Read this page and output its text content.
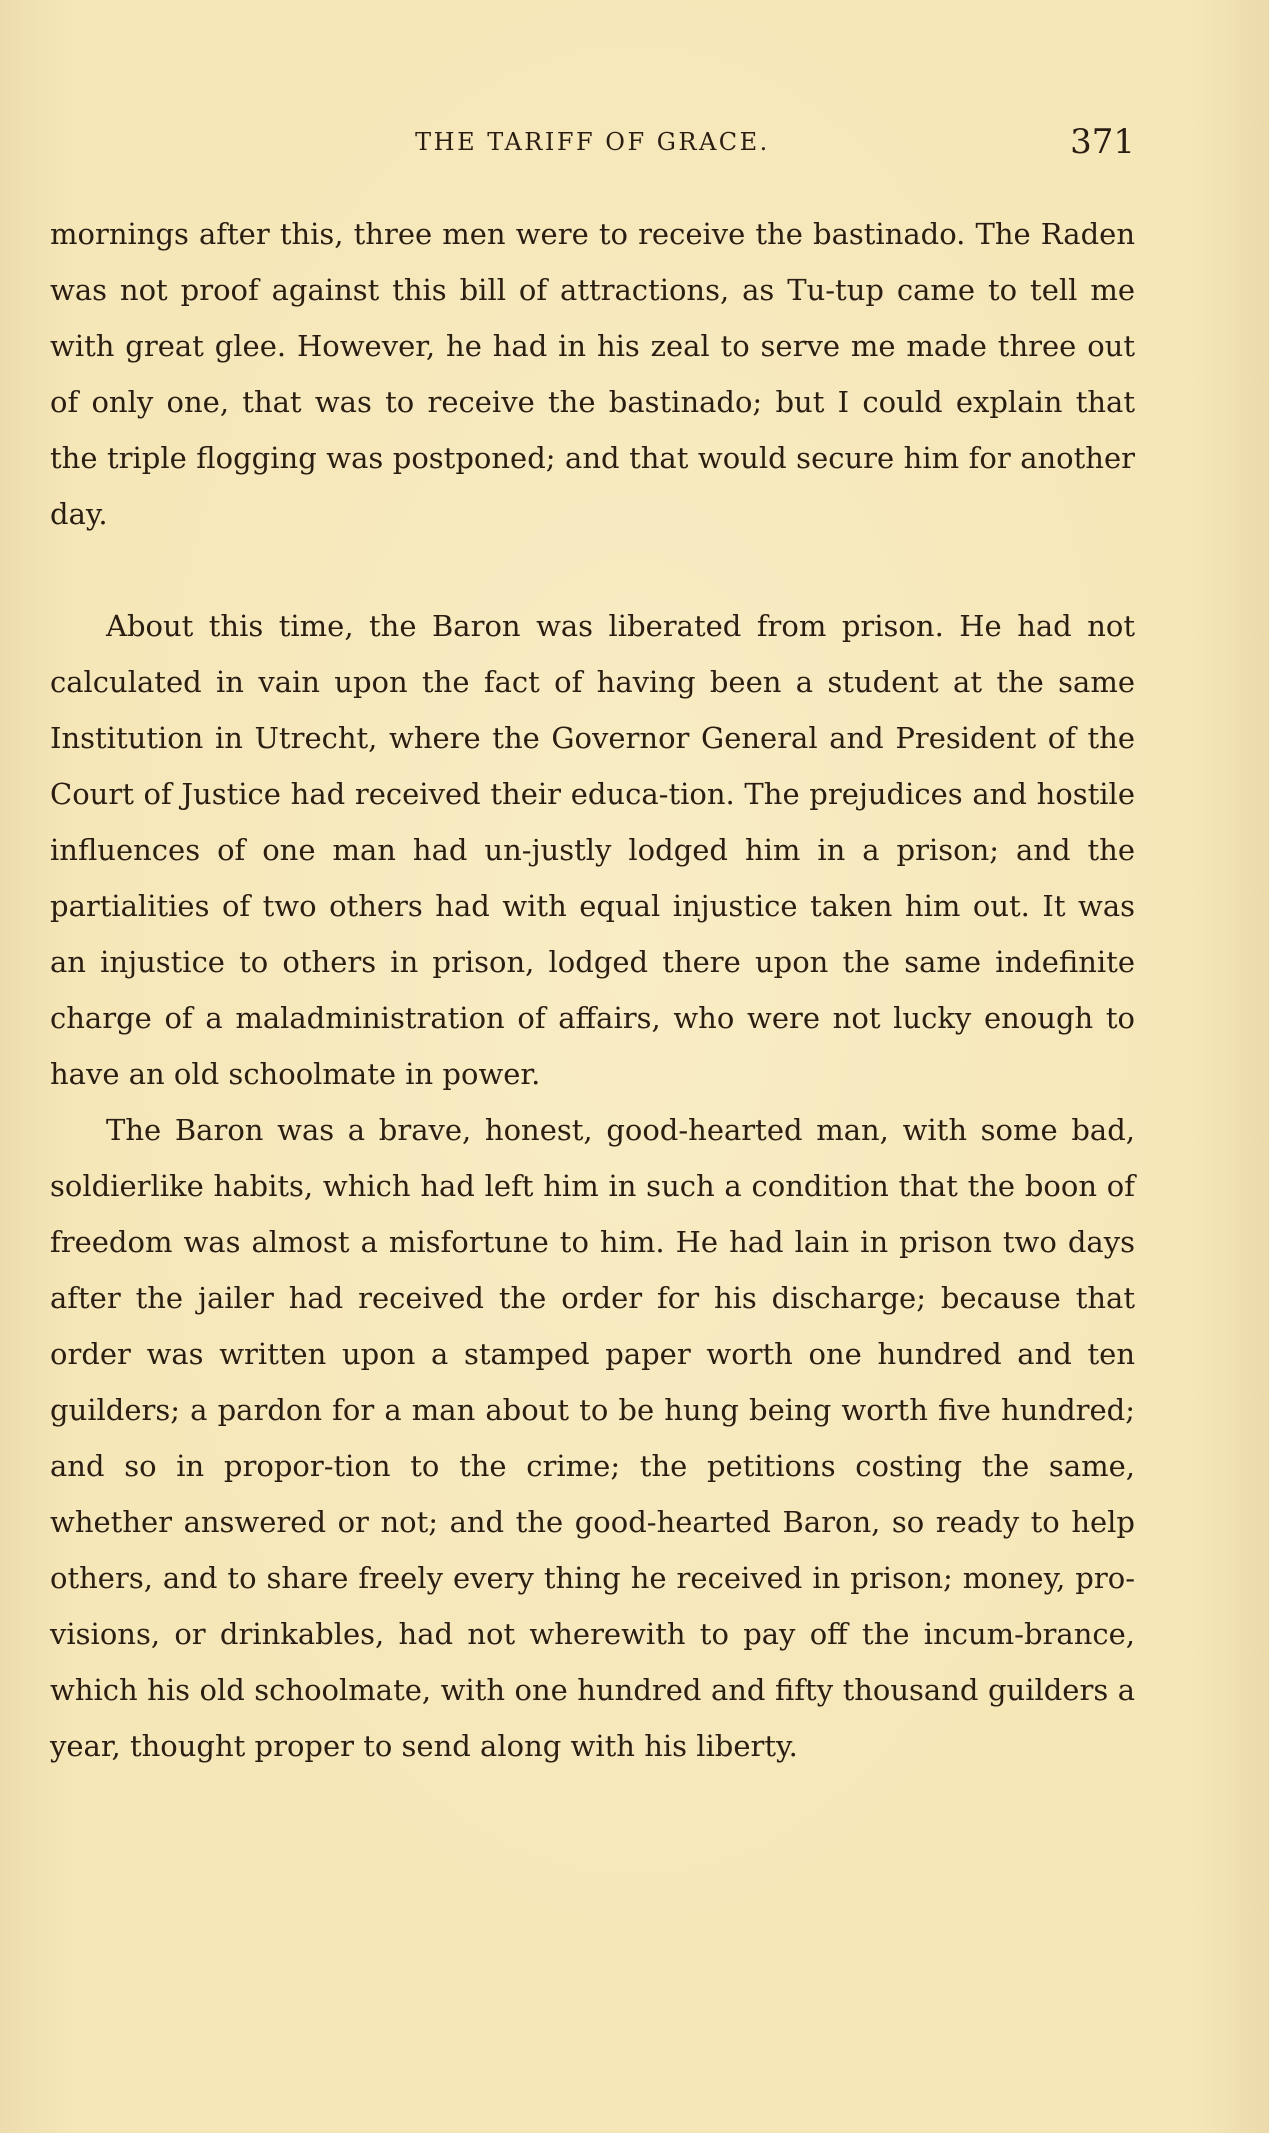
THE TARIFF OF GRACE.	371

mornings after this, three men were to receive the bastinado. The Raden was not proof against this bill of attractions, as Tu-tup came to tell me with great glee. However, he had in his zeal to serve me made three out of only one, that was to receive the bastinado; but I could explain that the triple flogging was postponed; and that would secure him for another day.

About this time, the Baron was liberated from prison. He had not calculated in vain upon the fact of having been a student at the same Institution in Utrecht, where the Governor General and President of the Court of Justice had received their educa-tion. The prejudices and hostile influences of one man had un-justly lodged him in a prison; and the partialities of two others had with equal injustice taken him out. It was an injustice to others in prison, lodged there upon the same indefinite charge of a maladministration of affairs, who were not lucky enough to have an old schoolmate in power.

The Baron was a brave, honest, good-hearted man, with some bad, soldierlike habits, which had left him in such a condition that the boon of freedom was almost a misfortune to him. He had lain in prison two days after the jailer had received the order for his discharge; because that order was written upon a stamped paper worth one hundred and ten guilders; a pardon for a man about to be hung being worth five hundred; and so in propor-tion to the crime; the petitions costing the same, whether answered or not; and the good-hearted Baron, so ready to help others, and to share freely every thing he received in prison; money, pro-visions, or drinkables, had not wherewith to pay off the incum-brance, which his old schoolmate, with one hundred and fifty thousand guilders a year, thought proper to send along with his liberty.
